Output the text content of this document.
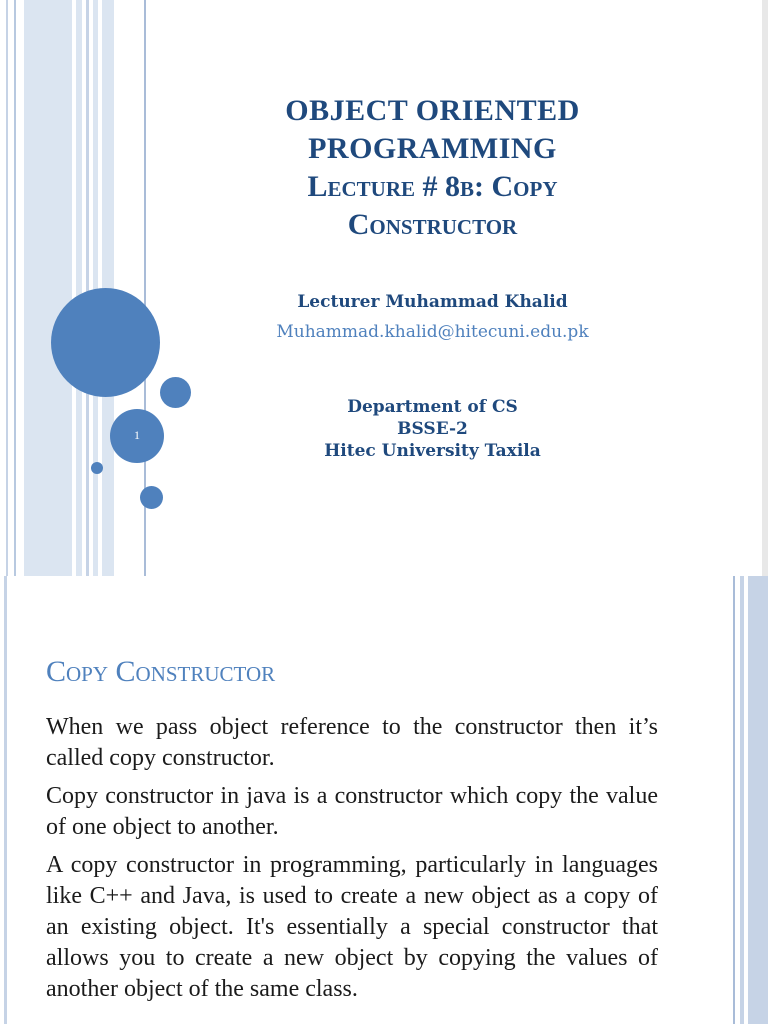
1
OBJECT ORIENTED
PROGRAMMING
Lecture # 8b: Copy
Constructor
Lecturer Muhammad Khalid
Muhammad.khalid@hitecuni.edu.pk
Department of CS
BSSE-2
Hitec University Taxila
Copy Constructor

When we pass object reference to the constructor then it’s called copy constructor.

Copy constructor in java is a constructor which copy the value of one object to another.

A copy constructor in programming, particularly in languages like C++ and Java, is used to create a new object as a copy of an existing object. It's essentially a special constructor that allows you to create a new object by copying the values of another object of the same class.
